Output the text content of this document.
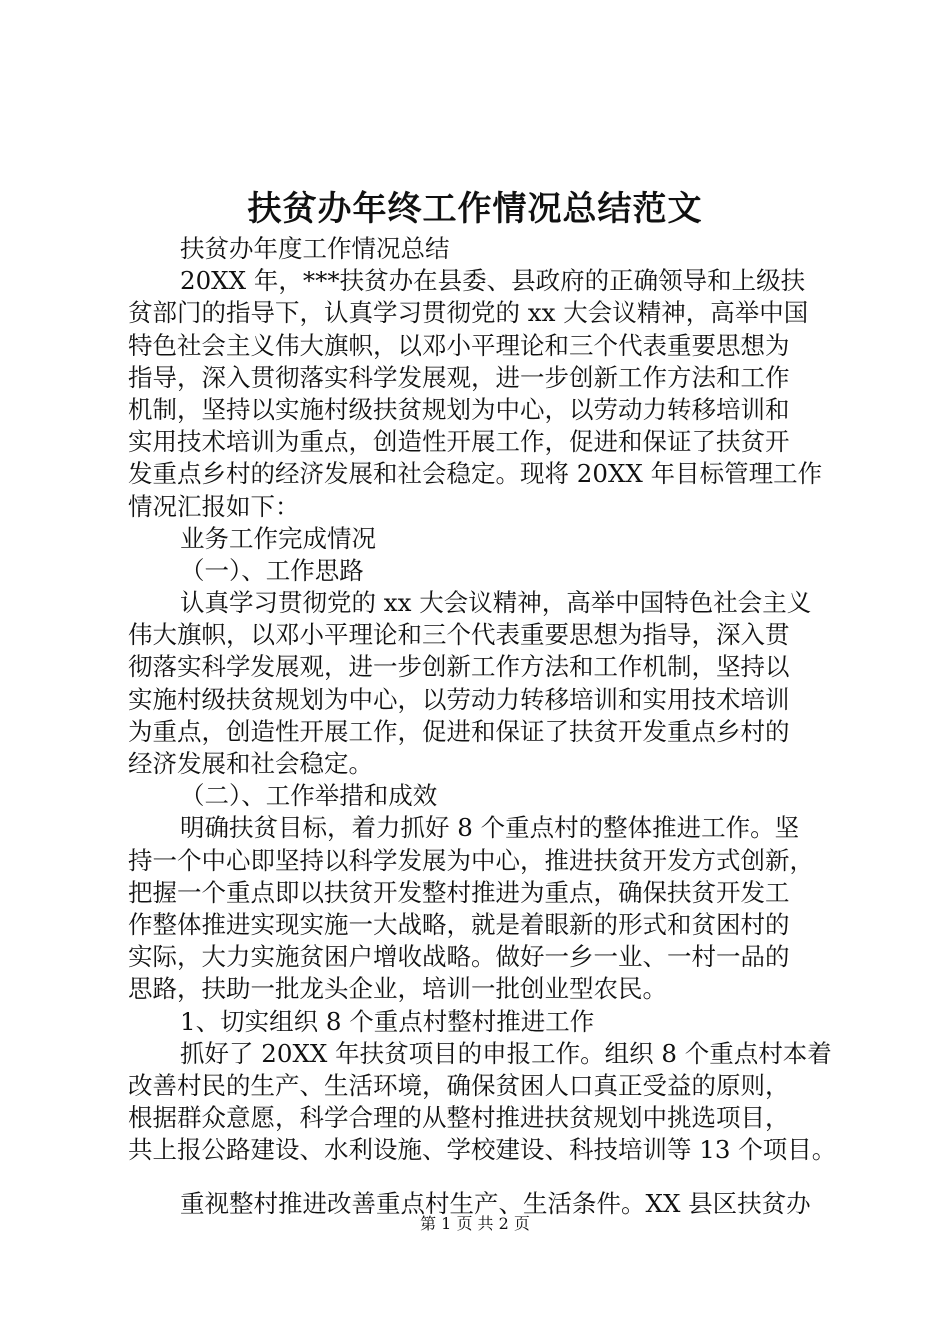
扶贫办年终工作情况总结范文
扶贫办年度工作情况总结
20XX 年，***扶贫办在县委、县政府的正确领导和上级扶
贫部门的指导下，认真学习贯彻党的 xx 大会议精神，高举中国
特色社会主义伟大旗帜，以邓小平理论和三个代表重要思想为
指导，深入贯彻落实科学发展观，进一步创新工作方法和工作
机制，坚持以实施村级扶贫规划为中心，以劳动力转移培训和
实用技术培训为重点，创造性开展工作，促进和保证了扶贫开
发重点乡村的经济发展和社会稳定。现将 20XX 年目标管理工作
情况汇报如下：
业务工作完成情况
（一）、工作思路
认真学习贯彻党的 xx 大会议精神，高举中国特色社会主义
伟大旗帜，以邓小平理论和三个代表重要思想为指导，深入贯
彻落实科学发展观，进一步创新工作方法和工作机制，坚持以
实施村级扶贫规划为中心，以劳动力转移培训和实用技术培训
为重点，创造性开展工作，促进和保证了扶贫开发重点乡村的
经济发展和社会稳定。
（二）、工作举措和成效
明确扶贫目标，着力抓好 8 个重点村的整体推进工作。坚
持一个中心即坚持以科学发展为中心，推进扶贫开发方式创新，
把握一个重点即以扶贫开发整村推进为重点，确保扶贫开发工
作整体推进实现实施一大战略，就是着眼新的形式和贫困村的
实际，大力实施贫困户增收战略。做好一乡一业、一村一品的
思路，扶助一批龙头企业，培训一批创业型农民。
1、切实组织 8 个重点村整村推进工作
抓好了 20XX 年扶贫项目的申报工作。组织 8 个重点村本着
改善村民的生产、生活环境，确保贫困人口真正受益的原则，
根据群众意愿，科学合理的从整村推进扶贫规划中挑选项目，
共上报公路建设、水利设施、学校建设、科技培训等 13 个项目。
重视整村推进改善重点村生产、生活条件。XX 县区扶贫办
第 1 页 共 2 页
